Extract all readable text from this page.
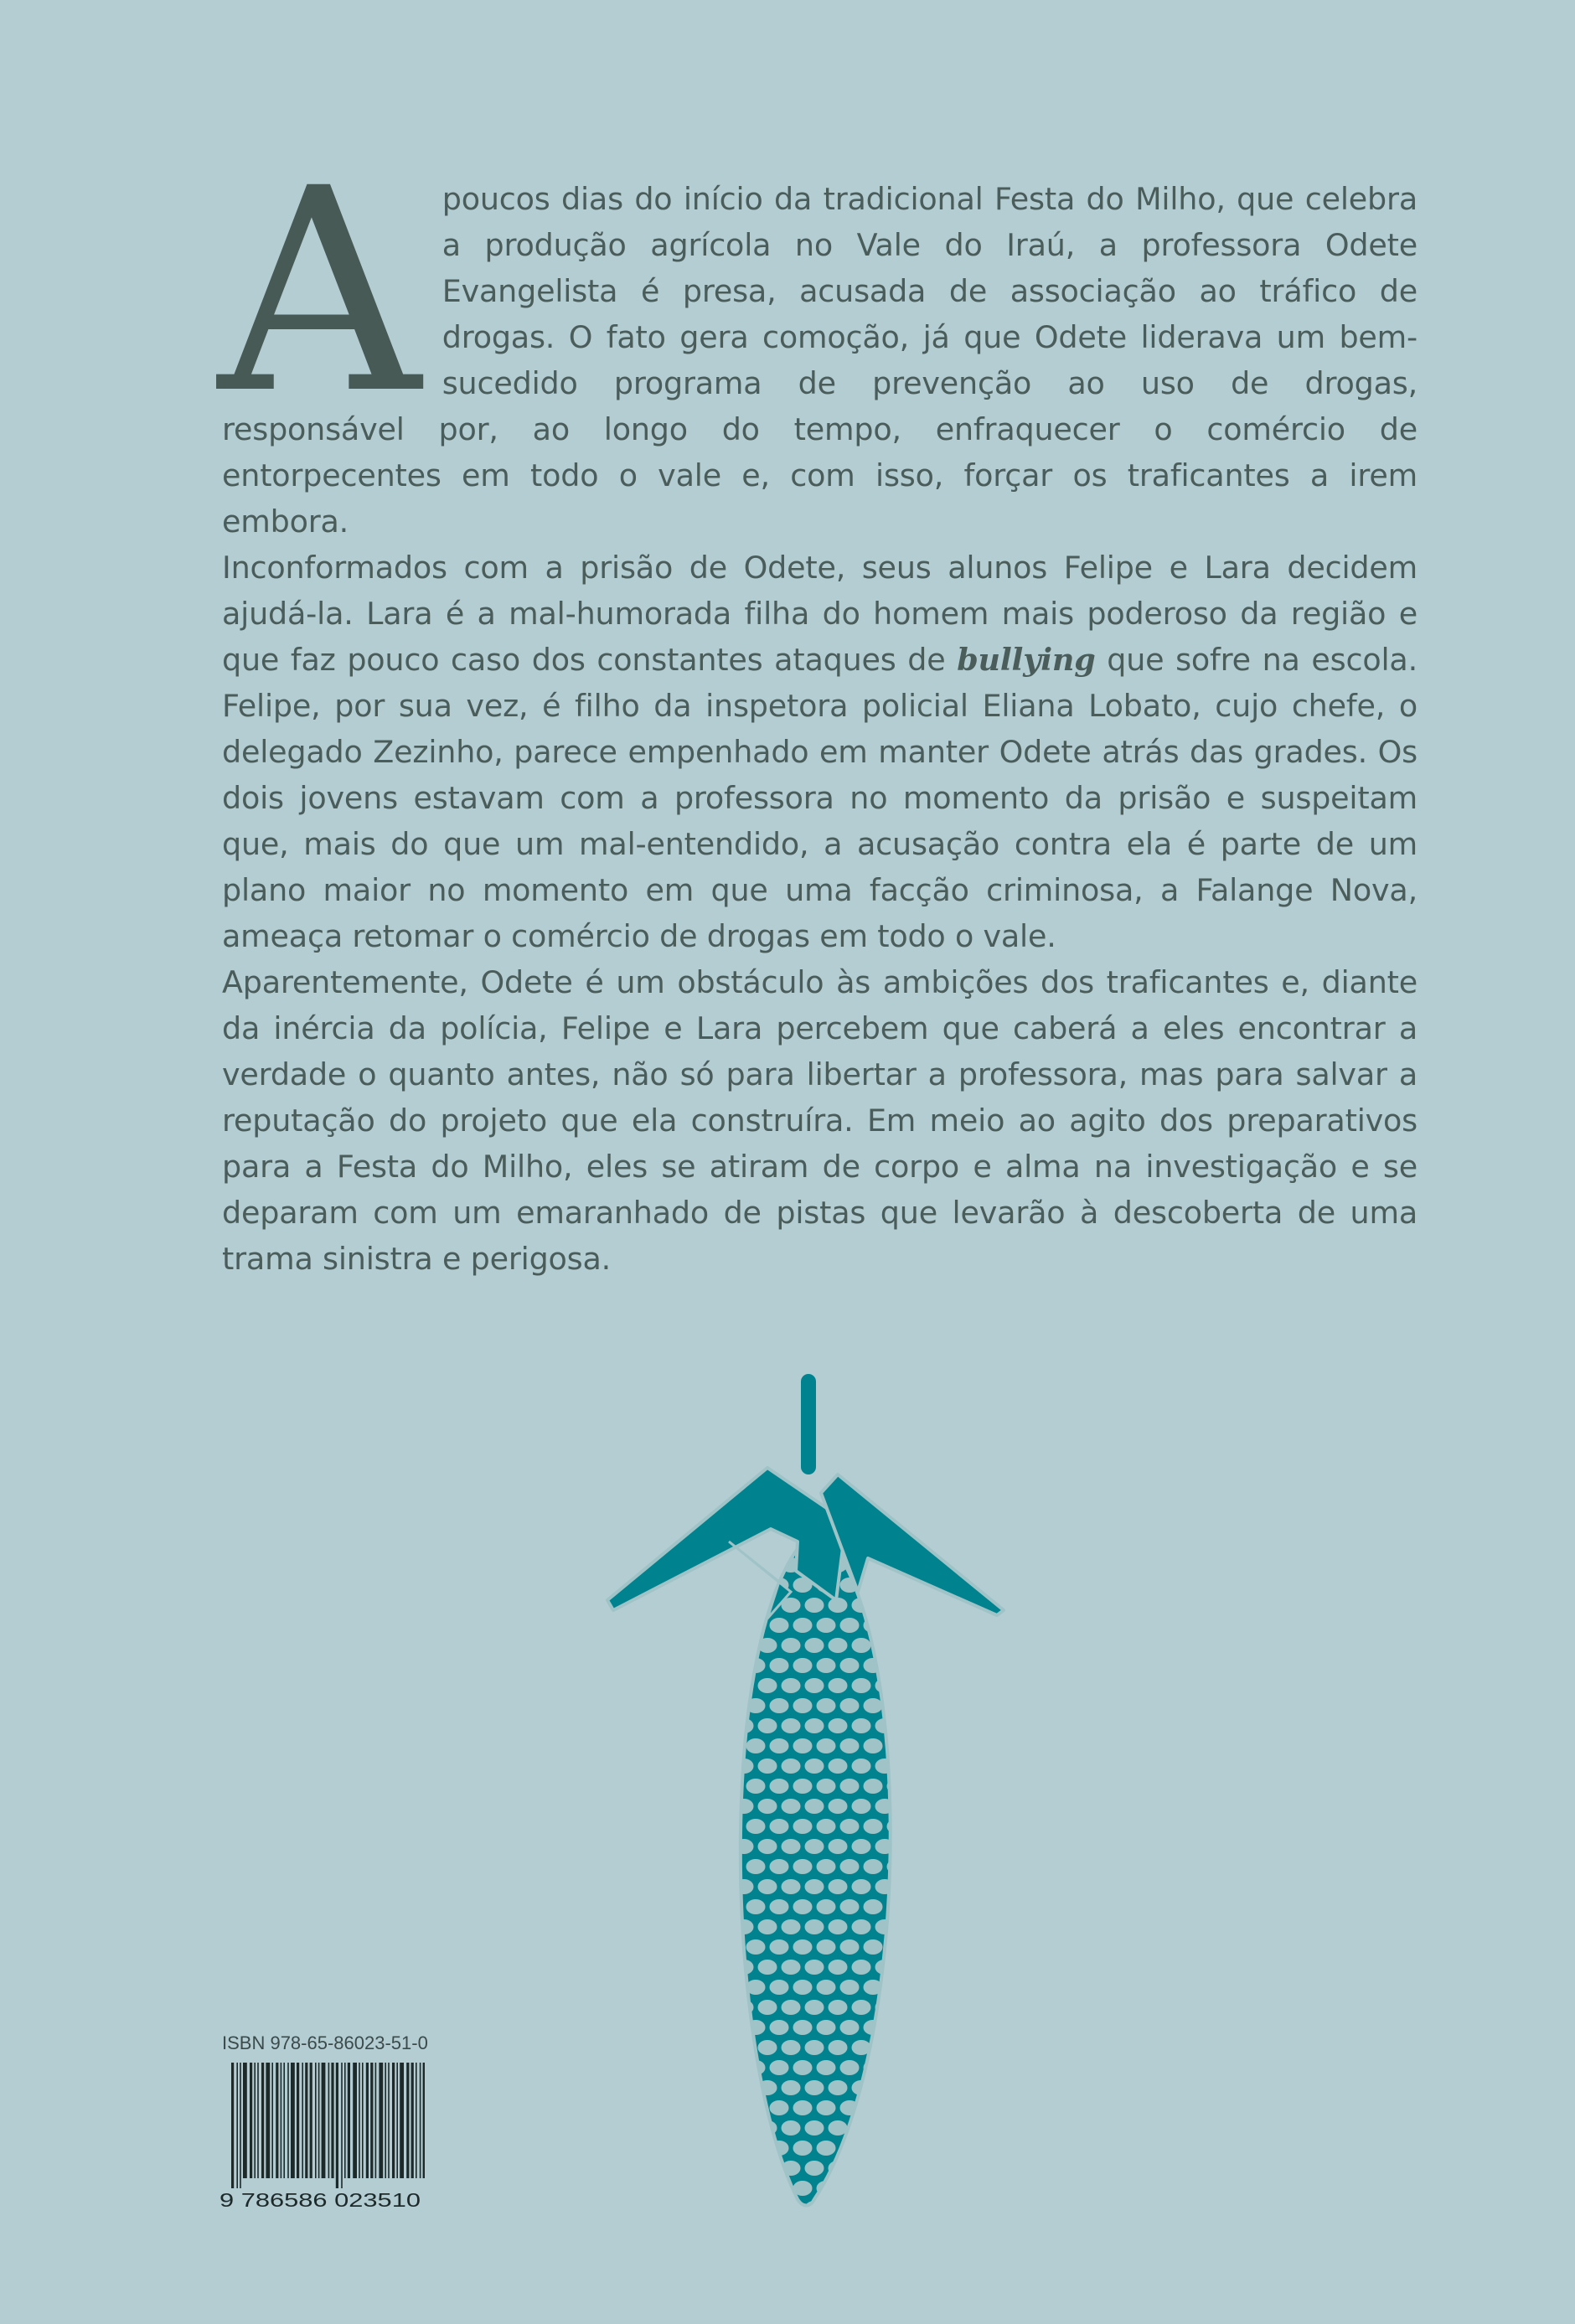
A poucos dias do início da tradicional Festa do Milho, que celebra a produção agrícola no Vale do Iraú, a professora Odete Evangelista é presa, acusada de associação ao tráfico de drogas. O fato gera comoção, já que Odete liderava um bem-sucedido programa de prevenção ao uso de drogas, responsável por, ao longo do tempo, enfraquecer o comércio de entorpecentes em todo o vale e, com isso, forçar os traficantes a irem embora.

Inconformados com a prisão de Odete, seus alunos Felipe e Lara decidem ajudá-la. Lara é a mal-humorada filha do homem mais poderoso da região e que faz pouco caso dos constantes ataques de bullying que sofre na escola. Felipe, por sua vez, é filho da inspetora policial Eliana Lobato, cujo chefe, o delegado Zezinho, parece empenhado em manter Odete atrás das grades. Os dois jovens estavam com a professora no momento da prisão e suspeitam que, mais do que um mal-entendido, a acusação contra ela é parte de um plano maior no momento em que uma facção criminosa, a Falange Nova, ameaça retomar o comércio de drogas em todo o vale.

Aparentemente, Odete é um obstáculo às ambições dos traficantes e, diante da inércia da polícia, Felipe e Lara percebem que caberá a eles encontrar a verdade o quanto antes, não só para libertar a professora, mas para salvar a reputação do projeto que ela construíra. Em meio ao agito dos preparativos para a Festa do Milho, eles se atiram de corpo e alma na investigação e se deparam com um emaranhado de pistas que levarão à descoberta de uma trama sinistra e perigosa.

ISBN 978-65-86023-51-0
9 786586 023510
